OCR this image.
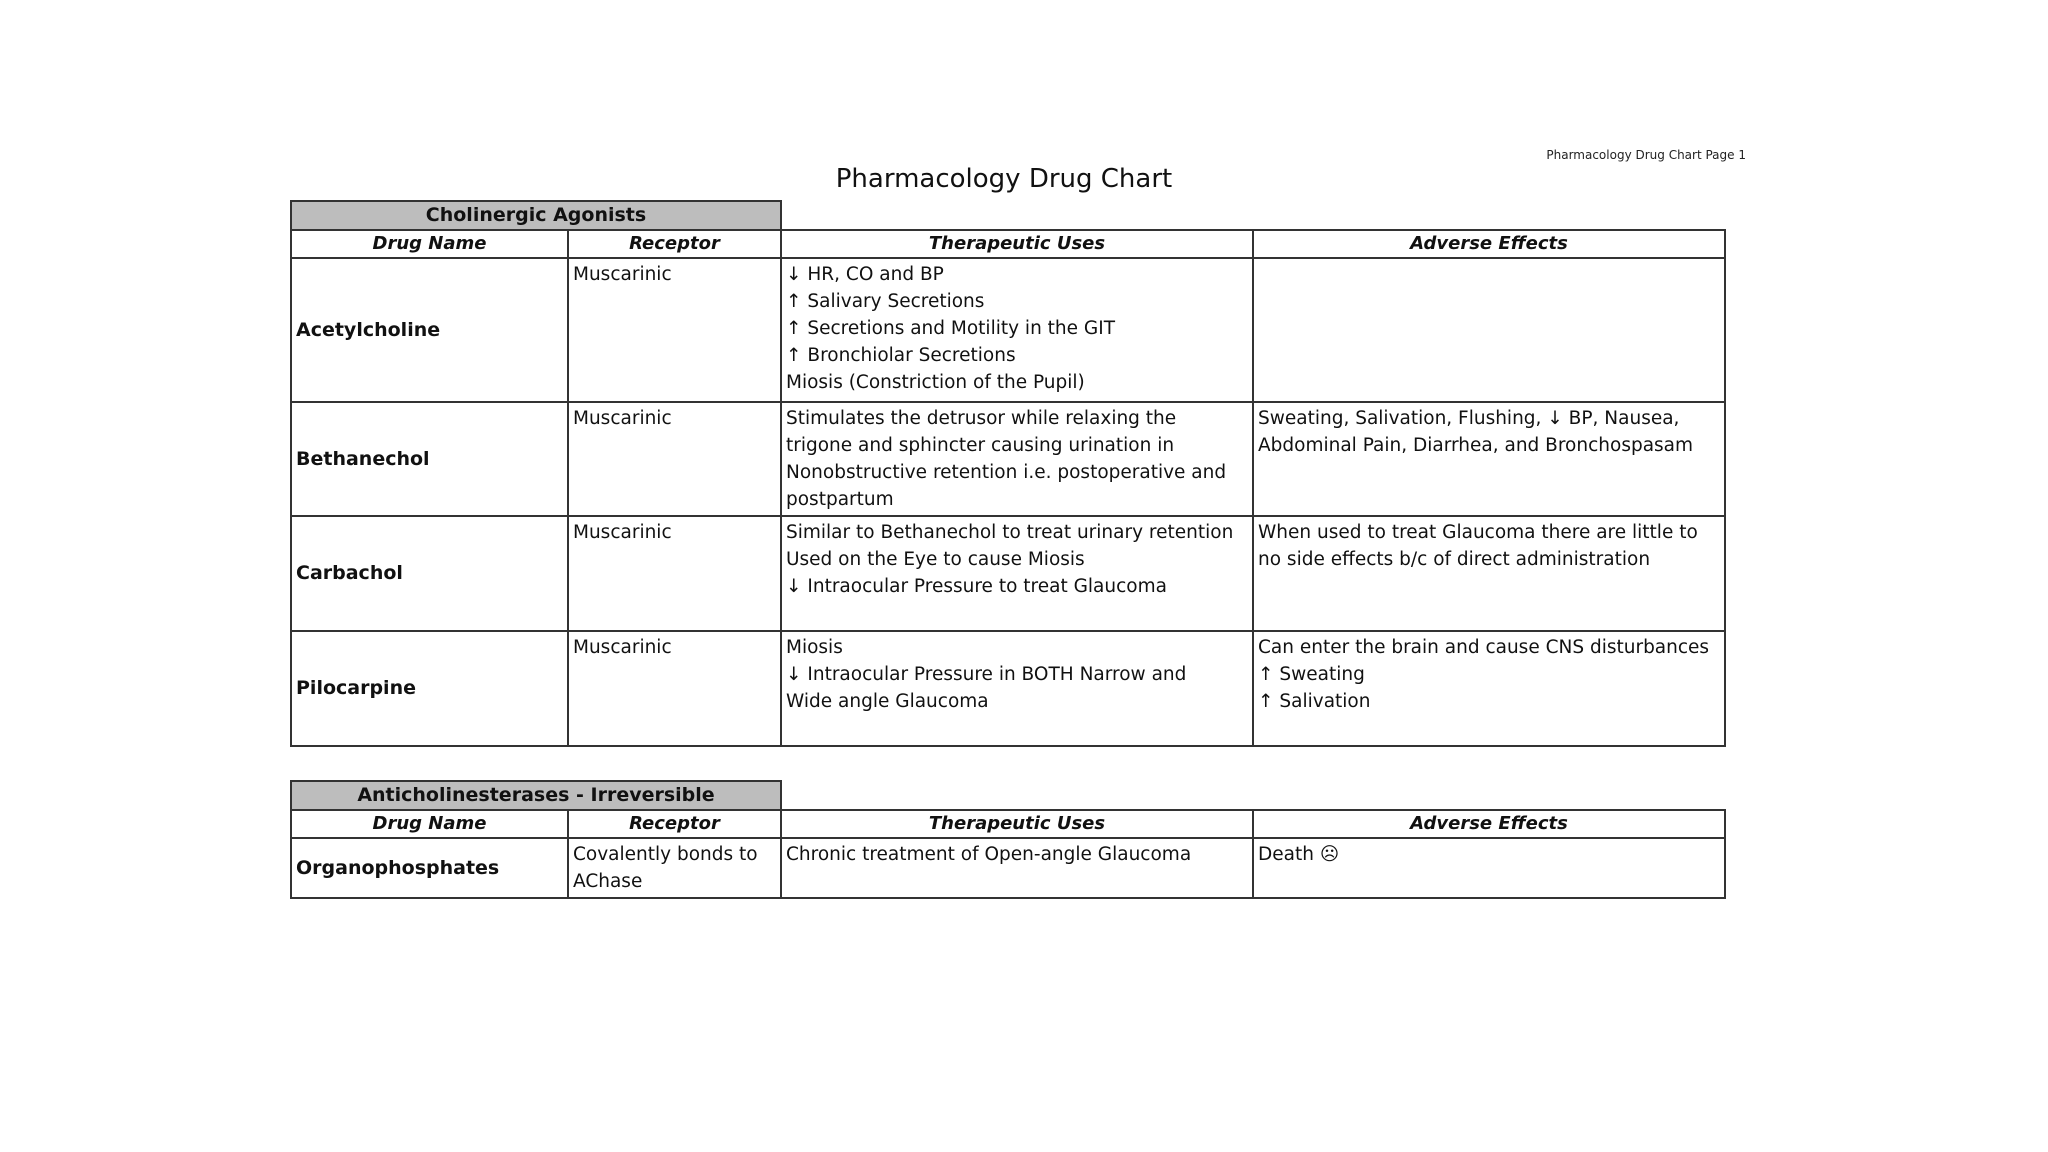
Pharmacology Drug Chart Page 1
Pharmacology Drug Chart
Cholinergic Agonists			
Drug Name	Receptor	Therapeutic Uses	Adverse Effects
Acetylcholine	Muscarinic	↓ HR, CO and BP
↑ Salivary Secretions
↑ Secretions and Motility in the GIT
↑ Bronchiolar Secretions
Miosis (Constriction of the Pupil)	

Bethanechol	Muscarinic	Stimulates the detrusor while relaxing the
trigone and sphincter causing urination in
Nonobstructive retention i.e. postoperative and
postpartum	Sweating, Salivation, Flushing, ↓ BP, Nausea,
Abdominal Pain, Diarrhea, and Bronchospasam

Carbachol	Muscarinic	Similar to Bethanechol to treat urinary retention
Used on the Eye to cause Miosis
↓ Intraocular Pressure to treat Glaucoma	When used to treat Glaucoma there are little to
no side effects b/c of direct administration

Pilocarpine	Muscarinic	Miosis
↓ Intraocular Pressure in BOTH Narrow and
Wide angle Glaucoma	Can enter the brain and cause CNS disturbances
↑ Sweating
↑ Salivation
Anticholinesterases - Irreversible			
Drug Name	Receptor	Therapeutic Uses	Adverse Effects
Organophosphates	Covalently bonds to
AChase	Chronic treatment of Open-angle Glaucoma	Death ☹
